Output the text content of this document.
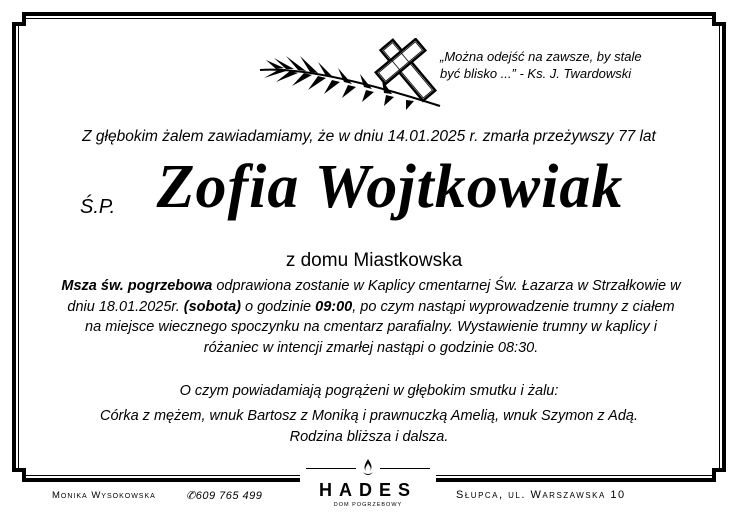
„Można odejść na zawsze, by stale
być blisko ...” - Ks. J. Twardowski
Z głębokim żalem zawiadamiamy, że w dniu 14.01.2025 r. zmarła przeżywszy 77 lat
Ś.P. Zofia Wojtkowiak
z domu Miastkowska
Msza św. pogrzebowa odprawiona zostanie w Kaplicy cmentarnej Św. Łazarza w Strzałkowie w dniu 18.01.2025r. (sobota) o godzinie 09:00, po czym nastąpi wyprowadzenie trumny z ciałem na miejsce wiecznego spoczynku na cmentarz parafialny. Wystawienie trumny w kaplicy i różaniec w intencji zmarłej nastąpi o godzinie 08:30.
O czym powiadamiają pogrążeni w głębokim smutku i żalu:
Córka z mężem, wnuk Bartosz z Moniką i prawnuczką Amelią, wnuk Szymon z Adą.
Rodzina bliższa i dalsza.
Monika Wysokowska	✆609 765 499	Słupca, ul. Warszawska 10
HADES
DOM POGRZEBOWY
